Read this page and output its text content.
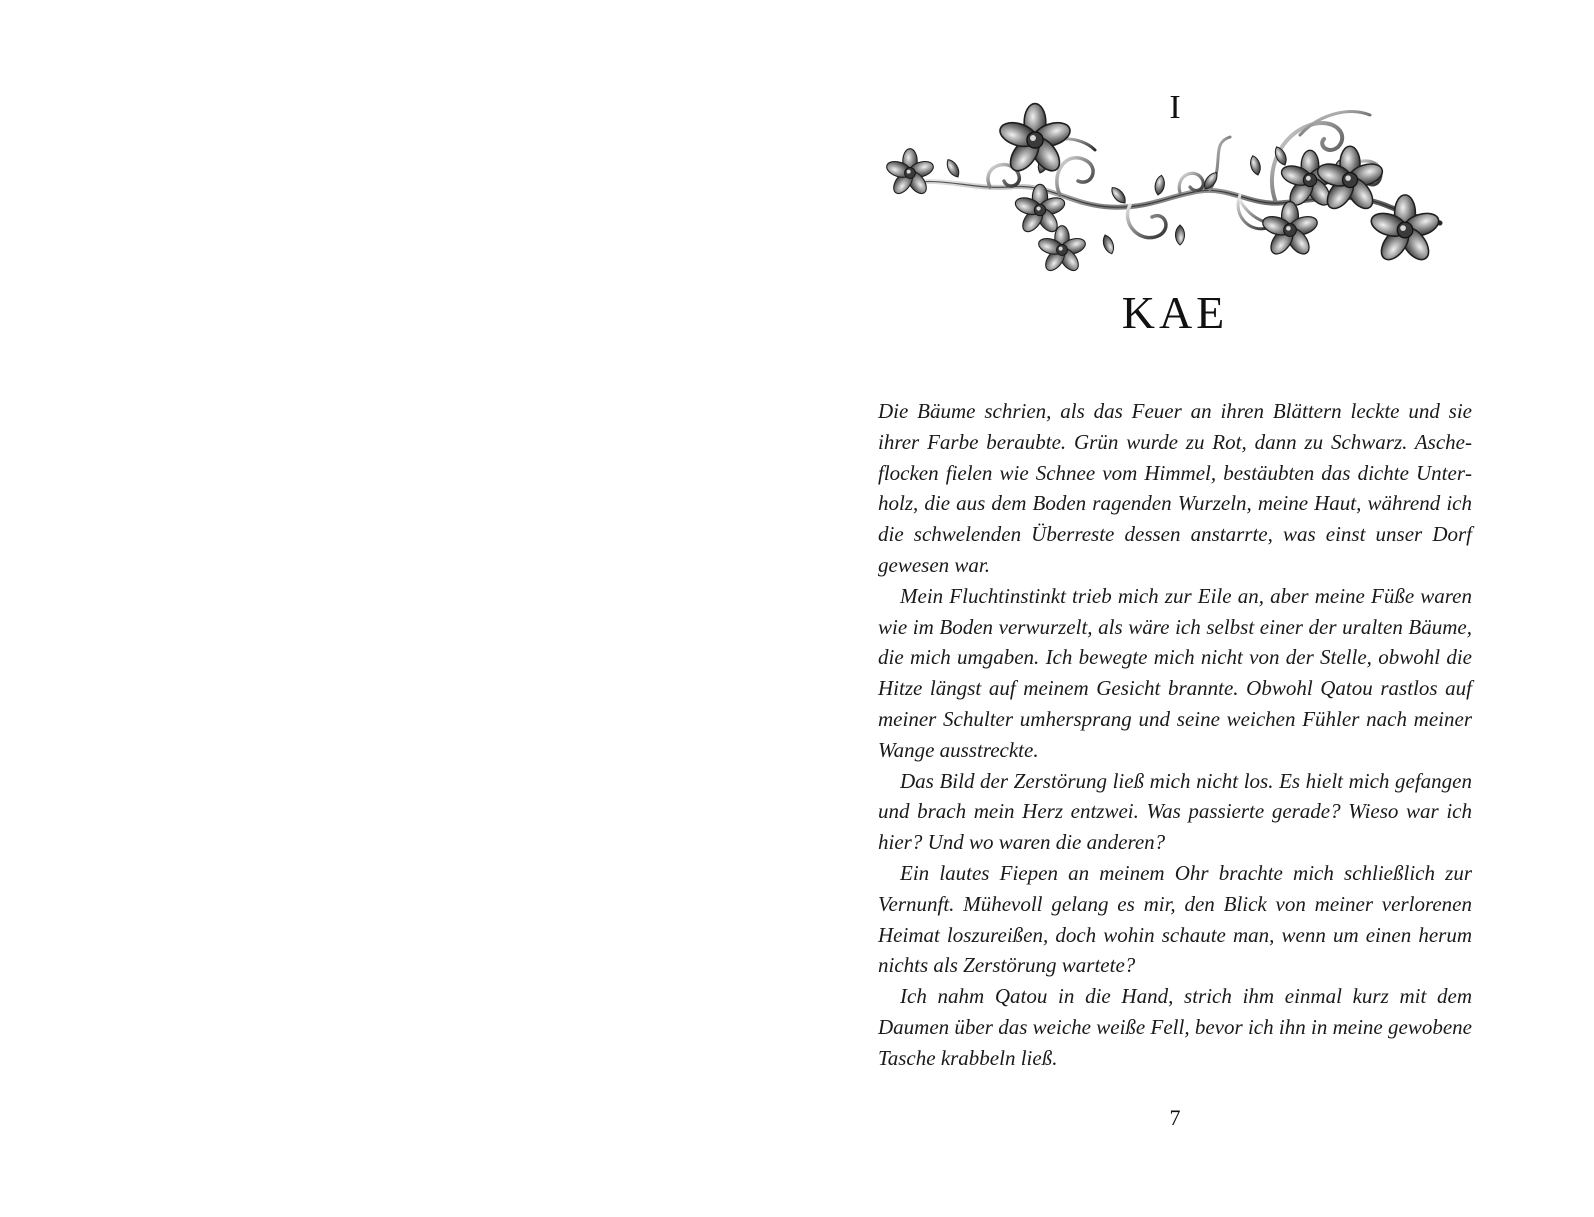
I
KAE

Die Bäume schrien, als das Feuer an ihren Blättern leckte und sie ihrer Farbe beraubte. Grün wurde zu Rot, dann zu Schwarz. Ascheflocken fielen wie Schnee vom Himmel, bestäubten das dichte Unterholz, die aus dem Boden ragenden Wurzeln, meine Haut, während ich die schwelenden Überreste dessen anstarrte, was einst unser Dorf gewesen war.

Mein Fluchtinstinkt trieb mich zur Eile an, aber meine Füße waren wie im Boden verwurzelt, als wäre ich selbst einer der uralten Bäume, die mich umgaben. Ich bewegte mich nicht von der Stelle, obwohl die Hitze längst auf meinem Gesicht brannte. Obwohl Qatou rastlos auf meiner Schulter umhersprang und seine weichen Fühler nach meiner Wange ausstreckte.

Das Bild der Zerstörung ließ mich nicht los. Es hielt mich gefangen und brach mein Herz entzwei. Was passierte gerade? Wieso war ich hier? Und wo waren die anderen?

Ein lautes Fiepen an meinem Ohr brachte mich schließlich zur Vernunft. Mühevoll gelang es mir, den Blick von meiner verlorenen Heimat loszureißen, doch wohin schaute man, wenn um einen herum nichts als Zerstörung wartete?

Ich nahm Qatou in die Hand, strich ihm einmal kurz mit dem Daumen über das weiche weiße Fell, bevor ich ihn in meine gewobene Tasche krabbeln ließ.

7
